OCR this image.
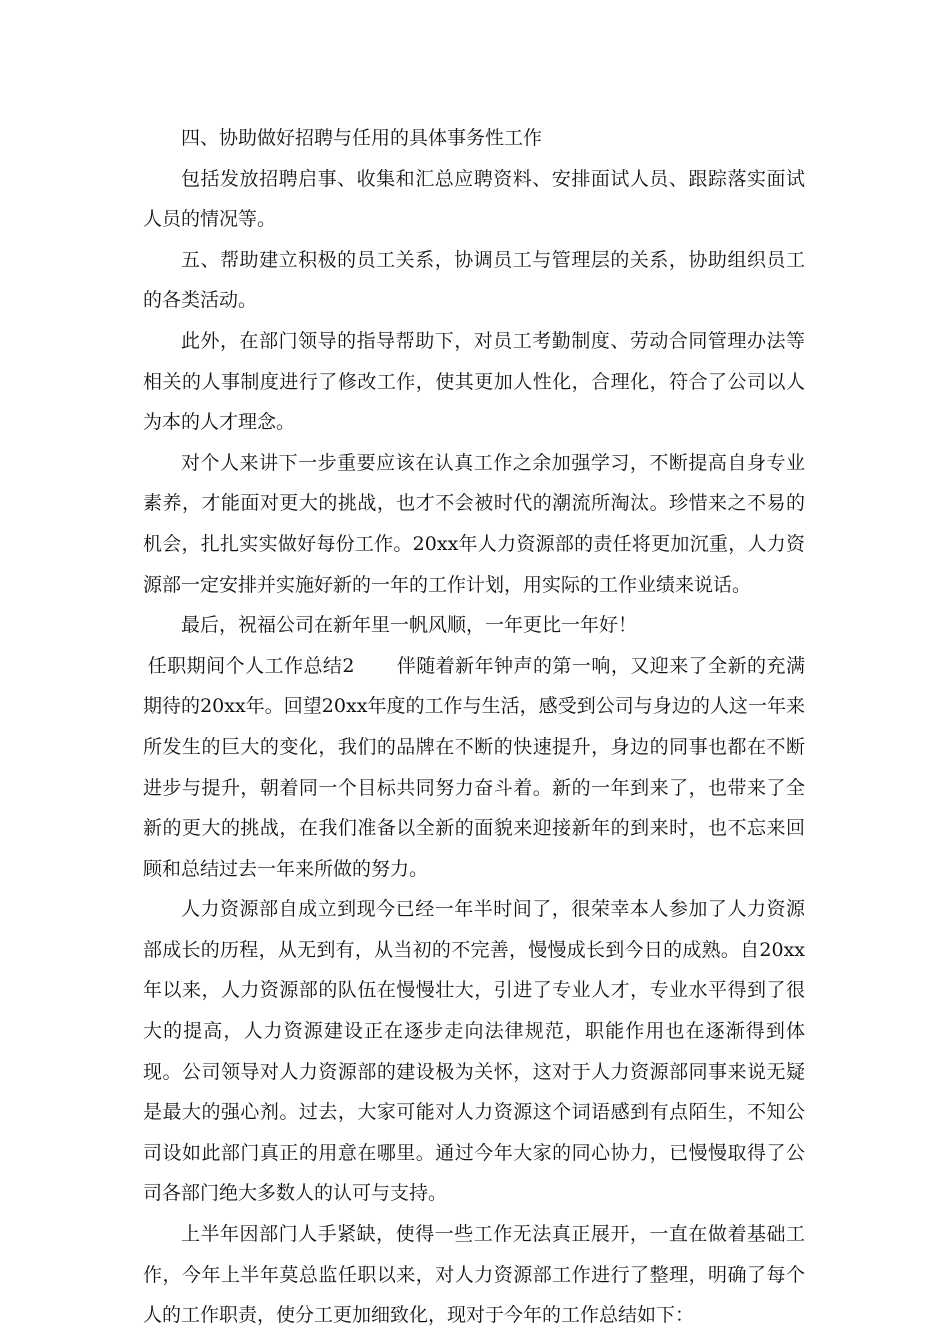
四、协助做好招聘与任用的具体事务性工作

包括发放招聘启事、收集和汇总应聘资料、安排面试人员、跟踪落实面试人员的情况等。

五、帮助建立积极的员工关系，协调员工与管理层的关系，协助组织员工的各类活动。

此外，在部门领导的指导帮助下，对员工考勤制度、劳动合同管理办法等相关的人事制度进行了修改工作，使其更加人性化，合理化，符合了公司以人为本的人才理念。

对个人来讲下一步重要应该在认真工作之余加强学习，不断提高自身专业素养，才能面对更大的挑战，也才不会被时代的潮流所淘汰。珍惜来之不易的机会，扎扎实实做好每份工作。20xx年人力资源部的责任将更加沉重，人力资源部一定安排并实施好新的一年的工作计划，用实际的工作业绩来说话。

最后，祝福公司在新年里一帆风顺，一年更比一年好！

任职期间个人工作总结2 伴随着新年钟声的第一响，又迎来了全新的充满期待的20xx年。回望20xx年度的工作与生活，感受到公司与身边的人这一年来所发生的巨大的变化，我们的品牌在不断的快速提升，身边的同事也都在不断进步与提升，朝着同一个目标共同努力奋斗着。新的一年到来了，也带来了全新的更大的挑战，在我们准备以全新的面貌来迎接新年的到来时，也不忘来回顾和总结过去一年来所做的努力。

人力资源部自成立到现今已经一年半时间了，很荣幸本人参加了人力资源部成长的历程，从无到有，从当初的不完善，慢慢成长到今日的成熟。自20xx年以来，人力资源部的队伍在慢慢壮大，引进了专业人才，专业水平得到了很大的提高，人力资源建设正在逐步走向法律规范，职能作用也在逐渐得到体现。公司领导对人力资源部的建设极为关怀，这对于人力资源部同事来说无疑是最大的强心剂。过去，大家可能对人力资源这个词语感到有点陌生，不知公司设如此部门真正的用意在哪里。通过今年大家的同心协力，已慢慢取得了公司各部门绝大多数人的认可与支持。

上半年因部门人手紧缺，使得一些工作无法真正展开，一直在做着基础工作，今年上半年莫总监任职以来，对人力资源部工作进行了整理，明确了每个人的工作职责，使分工更加细致化，现对于今年的工作总结如下：
